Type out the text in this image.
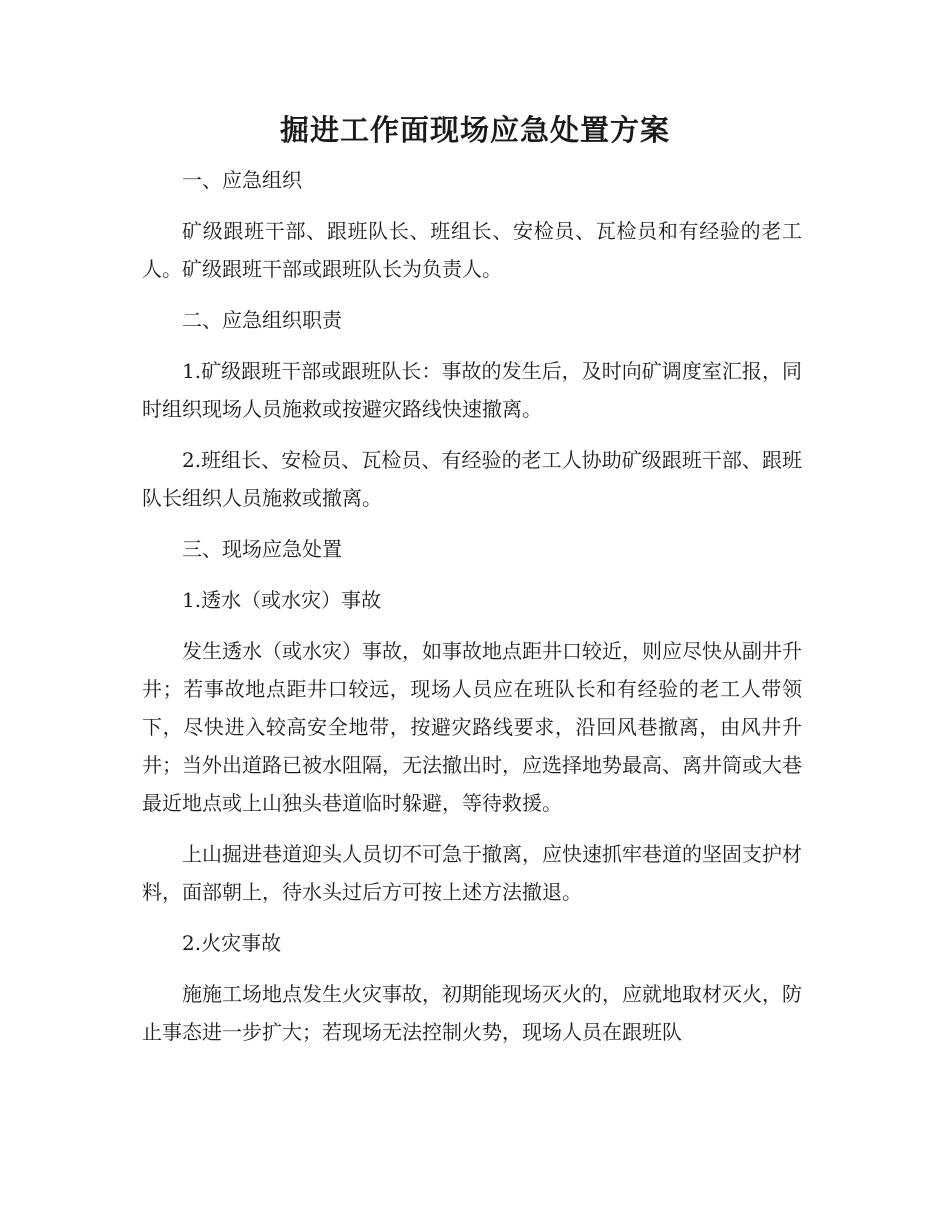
掘进工作面现场应急处置方案

一、应急组织

矿级跟班干部、跟班队长、班组长、安检员、瓦检员和有经验的老工人。矿级跟班干部或跟班队长为负责人。

二、应急组织职责

1.矿级跟班干部或跟班队长：事故的发生后，及时向矿调度室汇报，同时组织现场人员施救或按避灾路线快速撤离。

2.班组长、安检员、瓦检员、有经验的老工人协助矿级跟班干部、跟班队长组织人员施救或撤离。

三、现场应急处置

1.透水（或水灾）事故

发生透水（或水灾）事故，如事故地点距井口较近，则应尽快从副井升井；若事故地点距井口较远，现场人员应在班队长和有经验的老工人带领下，尽快进入较高安全地带，按避灾路线要求，沿回风巷撤离，由风井升井；当外出道路已被水阻隔，无法撤出时，应选择地势最高、离井筒或大巷最近地点或上山独头巷道临时躲避，等待救援。

上山掘进巷道迎头人员切不可急于撤离，应快速抓牢巷道的坚固支护材料，面部朝上，待水头过后方可按上述方法撤退。

2.火灾事故

施施工场地点发生火灾事故，初期能现场灭火的，应就地取材灭火，防止事态进一步扩大；若现场无法控制火势，现场人员在跟班队
